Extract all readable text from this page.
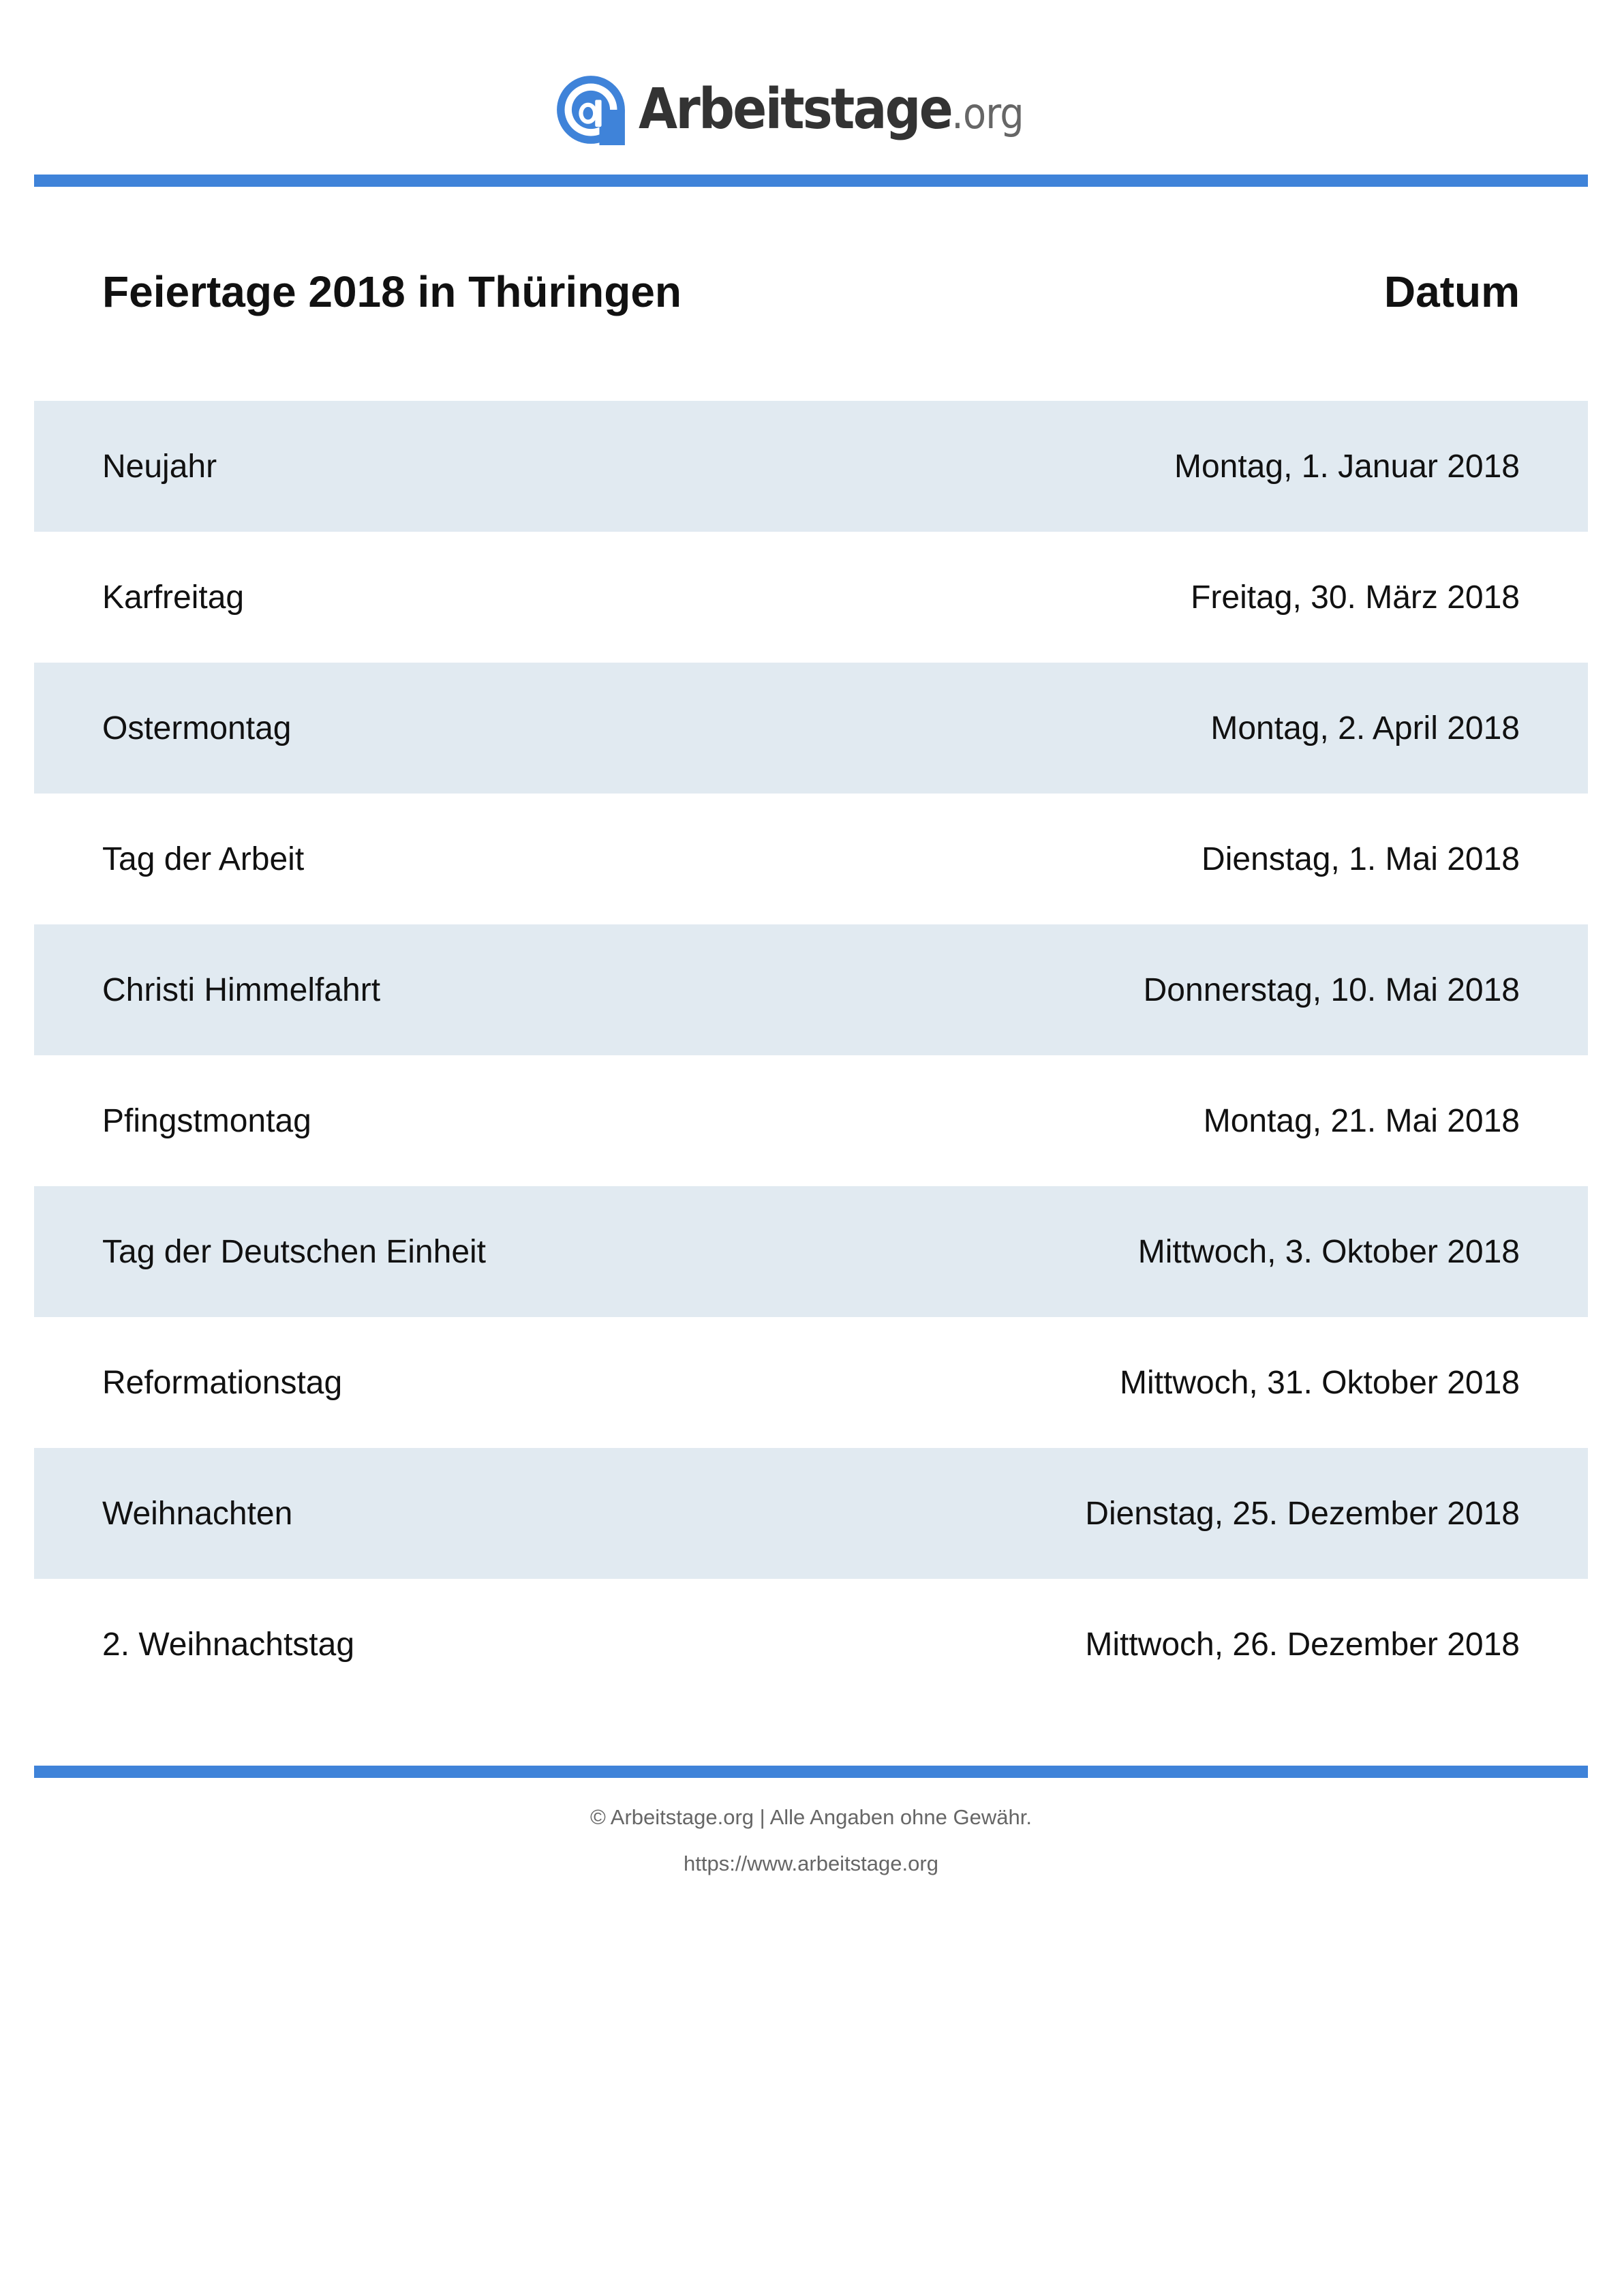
Arbeitstage.org
Feiertage 2018 in Thüringen	Datum
Neujahr	Montag, 1. Januar 2018
Karfreitag	Freitag, 30. März 2018
Ostermontag	Montag, 2. April 2018
Tag der Arbeit	Dienstag, 1. Mai 2018
Christi Himmelfahrt	Donnerstag, 10. Mai 2018
Pfingstmontag	Montag, 21. Mai 2018
Tag der Deutschen Einheit	Mittwoch, 3. Oktober 2018
Reformationstag	Mittwoch, 31. Oktober 2018
Weihnachten	Dienstag, 25. Dezember 2018
2. Weihnachtstag	Mittwoch, 26. Dezember 2018
© Arbeitstage.org | Alle Angaben ohne Gewähr.
https://www.arbeitstage.org
